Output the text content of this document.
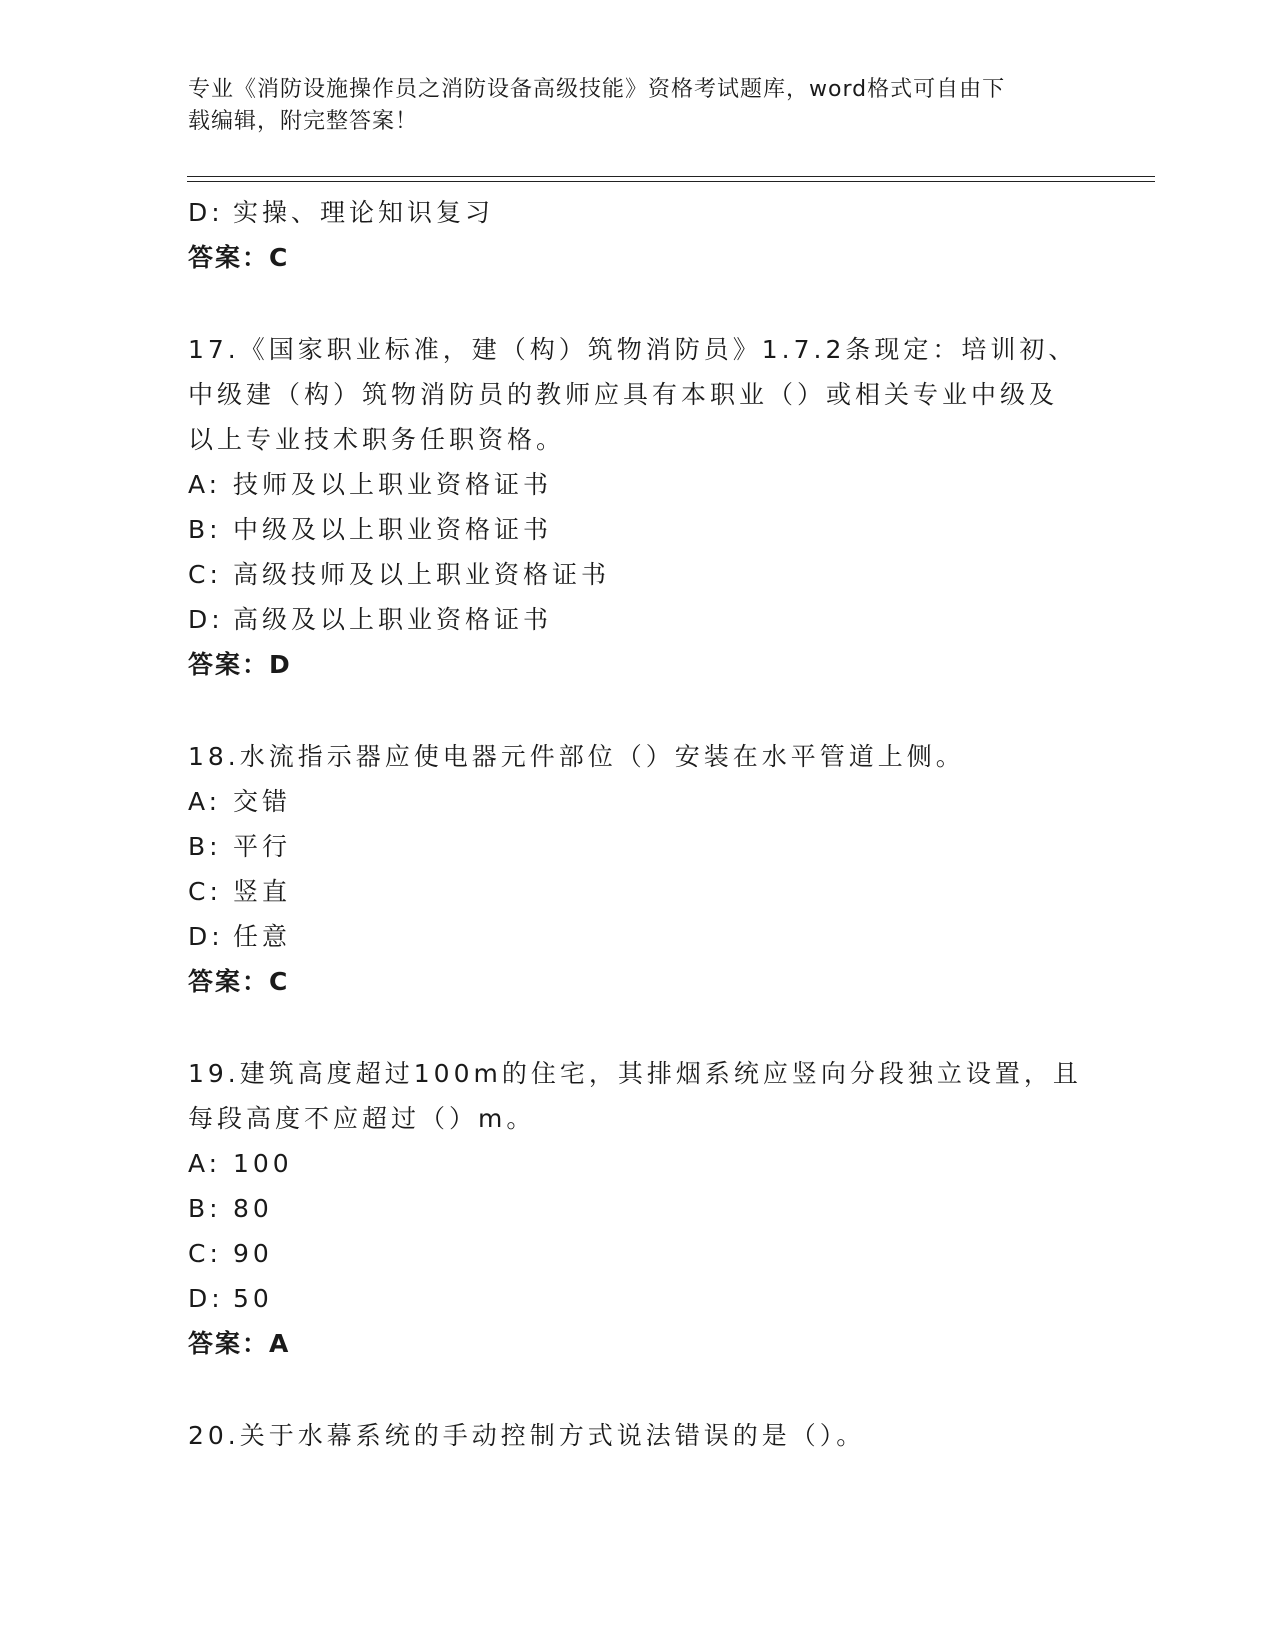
专业《消防设施操作员之消防设备高级技能》资格考试题库，word格式可自由下
载编辑，附完整答案！
D: 实操、理论知识复习
答案：C
17.《国家职业标准，建（构）筑物消防员》1.7.2条现定：培训初、
中级建（构）筑物消防员的教师应具有本职业（）或相关专业中级及
以上专业技术职务任职资格。
A: 技师及以上职业资格证书
B: 中级及以上职业资格证书
C: 高级技师及以上职业资格证书
D: 高级及以上职业资格证书
答案：D
18.水流指示器应使电器元件部位（）安装在水平管道上侧。
A: 交错
B: 平行
C: 竖直
D: 任意
答案：C
19.建筑高度超过100m的住宅，其排烟系统应竖向分段独立设置，且
每段高度不应超过（）m。
A: 100
B: 80
C: 90
D: 50
答案：A
20.关于水幕系统的手动控制方式说法错误的是（）。
